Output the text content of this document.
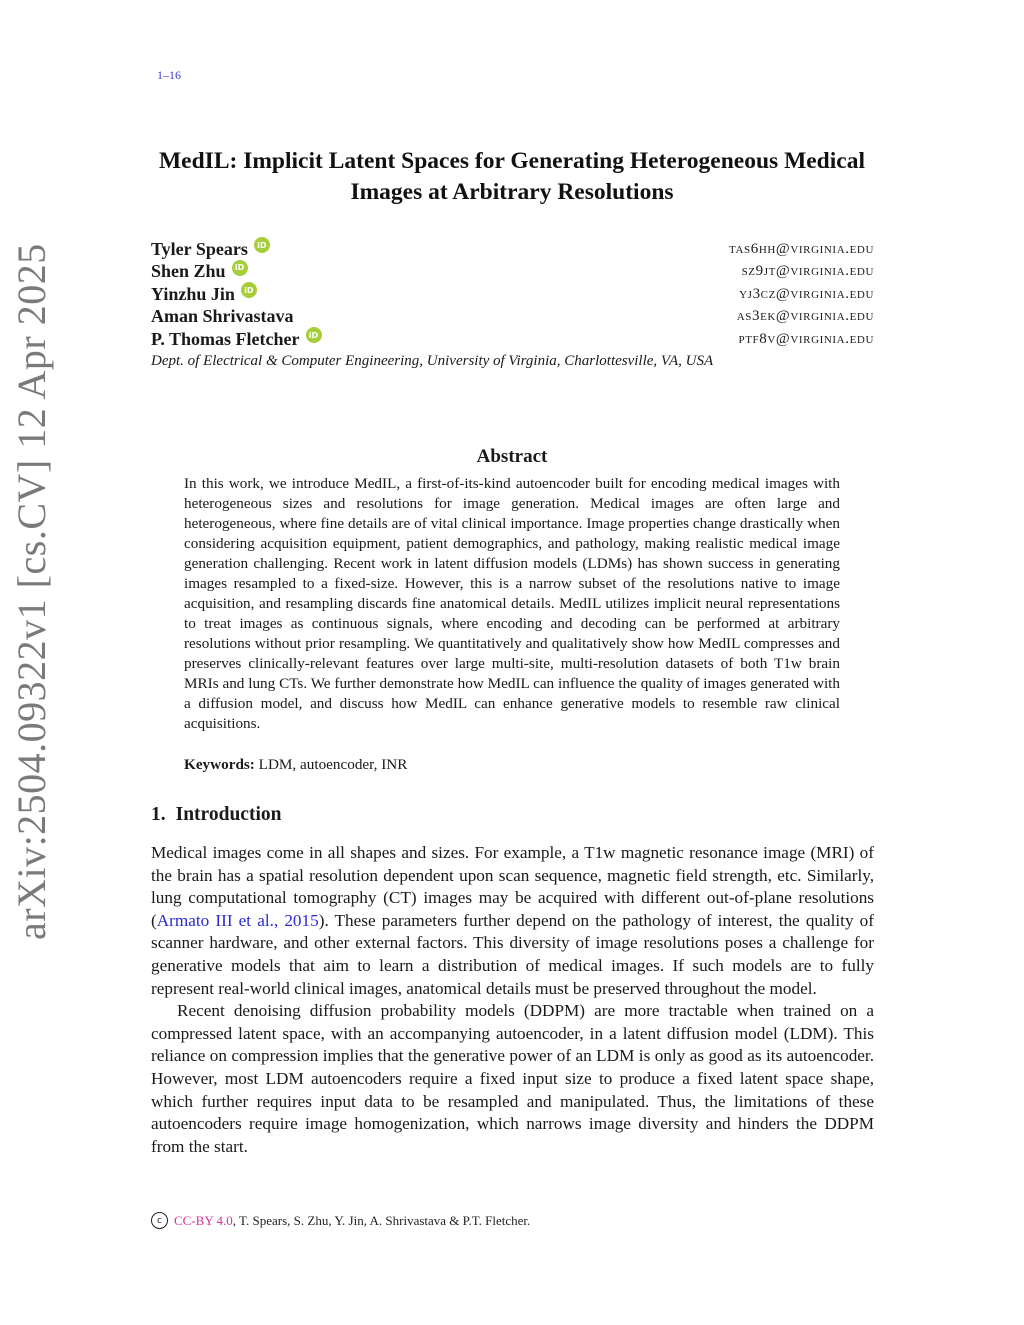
1–16
arXiv:2504.09322v1 [cs.CV] 12 Apr 2025
MedIL: Implicit Latent Spaces for Generating Heterogeneous Medical Images at Arbitrary Resolutions
Tyler Spears	iD	tas6hh@virginia.edu
Shen Zhu	iD	sz9jt@virginia.edu
Yinzhu Jin	iD	yj3cz@virginia.edu
Aman Shrivastava	as3ek@virginia.edu
P. Thomas Fletcher	iD	ptf8v@virginia.edu
Dept. of Electrical & Computer Engineering, University of Virginia, Charlottesville, VA, USA
Abstract
In this work, we introduce MedIL, a first-of-its-kind autoencoder built for encoding medical images with heterogeneous sizes and resolutions for image generation. Medical images are often large and heterogeneous, where fine details are of vital clinical importance. Image properties change drastically when considering acquisition equipment, patient demographics, and pathology, making realistic medical image generation challenging. Recent work in latent diffusion models (LDMs) has shown success in generating images resampled to a fixed-size. However, this is a narrow subset of the resolutions native to image acquisition, and resampling discards fine anatomical details. MedIL utilizes implicit neural representations to treat images as continuous signals, where encoding and decoding can be performed at arbitrary resolutions without prior resampling. We quantitatively and qualitatively show how MedIL compresses and preserves clinically-relevant features over large multi-site, multi-resolution datasets of both T1w brain MRIs and lung CTs. We further demonstrate how MedIL can influence the quality of images generated with a diffusion model, and discuss how MedIL can enhance generative models to resemble raw clinical acquisitions.
Keywords: LDM, autoencoder, INR
1. Introduction

Medical images come in all shapes and sizes. For example, a T1w magnetic resonance image (MRI) of the brain has a spatial resolution dependent upon scan sequence, magnetic field strength, etc. Similarly, lung computational tomography (CT) images may be acquired with different out-of-plane resolutions (Armato III et al., 2015). These parameters further depend on the pathology of interest, the quality of scanner hardware, and other external factors. This diversity of image resolutions poses a challenge for generative models that aim to learn a distribution of medical images. If such models are to fully represent real-world clinical images, anatomical details must be preserved throughout the model.

Recent denoising diffusion probability models (DDPM) are more tractable when trained on a compressed latent space, with an accompanying autoencoder, in a latent diffusion model (LDM). This reliance on compression implies that the generative power of an LDM is only as good as its autoencoder. However, most LDM autoencoders require a fixed input size to produce a fixed latent space shape, which further requires input data to be resampled and manipulated. Thus, the limitations of these autoencoders require image homogenization, which narrows image diversity and hinders the DDPM from the start.

c CC-BY 4.0, T. Spears, S. Zhu, Y. Jin, A. Shrivastava & P.T. Fletcher.
